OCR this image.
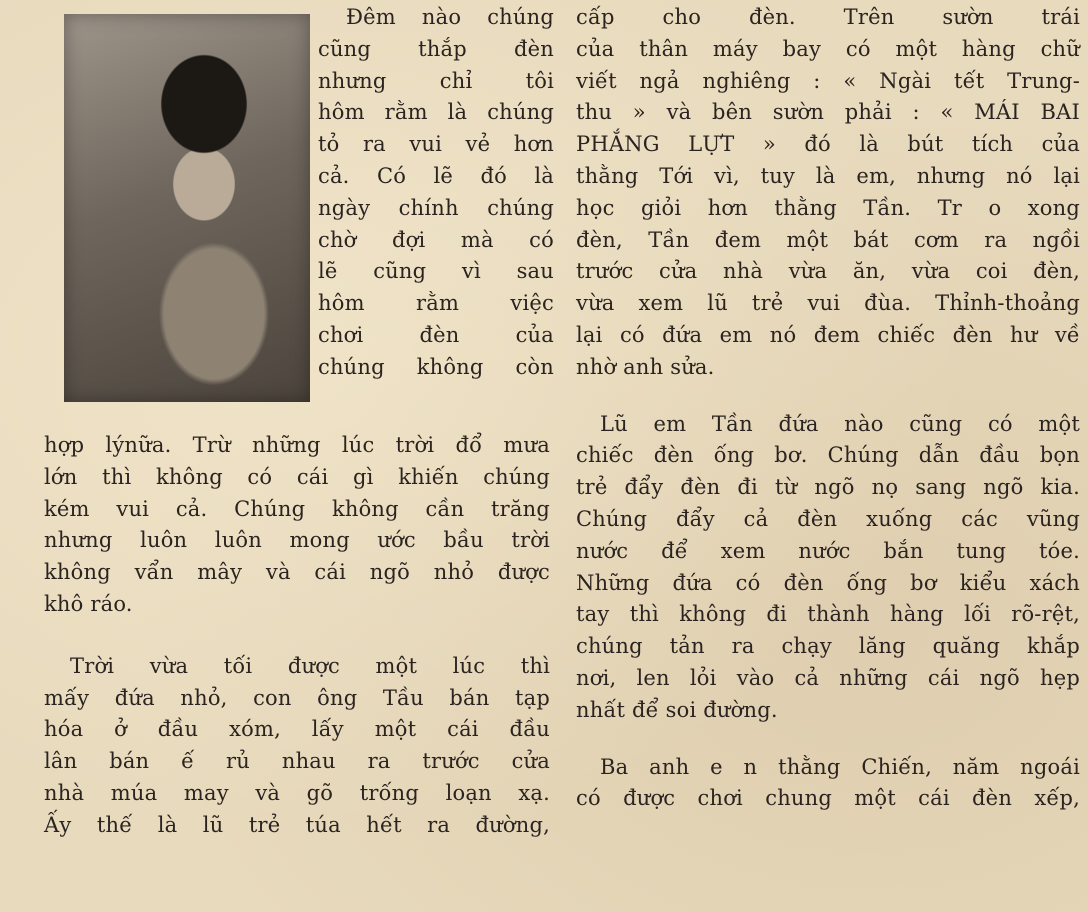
Đêm nào chúng

cũng thắp đèn

nhưng chỉ tôi

hôm rằm là chúng

tỏ ra vui vẻ hơn

cả. Có lẽ đó là

ngày chính chúng

chờ đợi mà có

lẽ cũng vì sau

hôm rằm việc

chơi đèn của

chúng không còn

hợp lýnữa. Trừ những lúc trời đổ mưa

lớn thì không có cái gì khiến chúng

kém vui cả. Chúng không cần trăng

nhưng luôn luôn mong ước bầu trời

không vẩn mây và cái ngõ nhỏ được

khô ráo.

Trời vừa tối được một lúc thì

mấy đứa nhỏ, con ông Tầu bán tạp

hóa ở đầu xóm, lấy một cái đầu

lân bán ế rủ nhau ra trước cửa

nhà múa may và gõ trống loạn xạ.

Ấy thế là lũ trẻ túa hết ra đường,

cấp cho đèn. Trên sườn trái

của thân máy bay có một hàng chữ

viết ngả nghiêng : « Ngài tết Trung-

thu » và bên sườn phải : « MÁI BAI

PHẮNG LỰT » đó là bút tích của

thằng Tới vì, tuy là em, nhưng nó lại

học giỏi hơn thằng Tần. Tr o xong

đèn, Tần đem một bát cơm ra ngồi

trước cửa nhà vừa ăn, vừa coi đèn,

vừa xem lũ trẻ vui đùa. Thỉnh-thoảng

lại có đứa em nó đem chiếc đèn hư về

nhờ anh sửa.

Lũ em Tần đứa nào cũng có một

chiếc đèn ống bơ. Chúng dẫn đầu bọn

trẻ đẩy đèn đi từ ngõ nọ sang ngõ kia.

Chúng đẩy cả đèn xuống các vũng

nước để xem nước bắn tung tóe.

Những đứa có đèn ống bơ kiểu xách

tay thì không đi thành hàng lối rõ-rệt,

chúng tản ra chạy lăng quăng khắp

nơi, len lỏi vào cả những cái ngõ hẹp

nhất để soi đường.

Ba anh e n thằng Chiến, năm ngoái

có được chơi chung một cái đèn xếp,
